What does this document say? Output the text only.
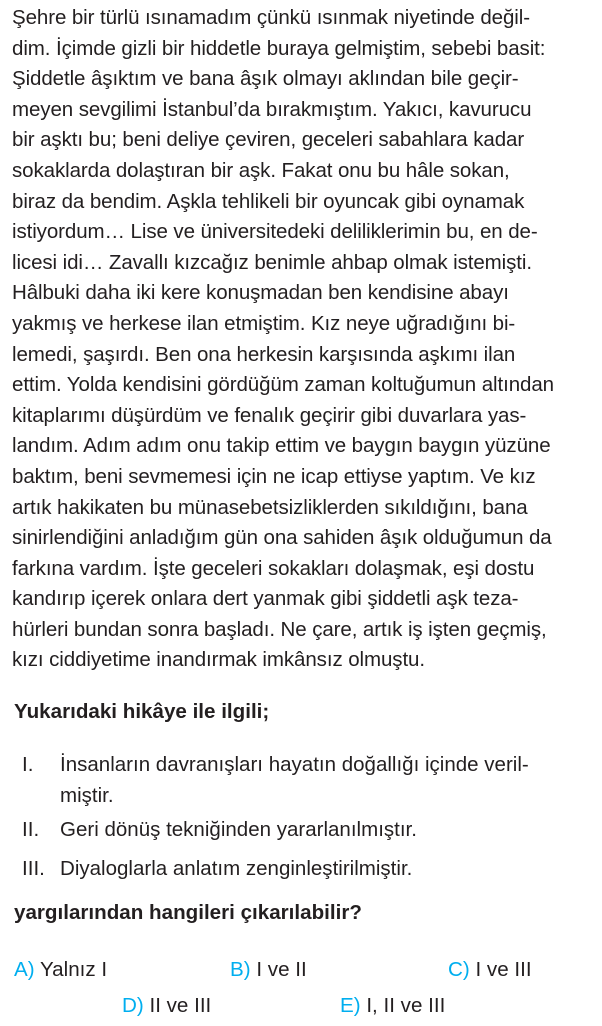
Şehre bir türlü ısınamadım çünkü ısınmak niyetinde değil-
dim. İçimde gizli bir hiddetle buraya gelmiştim, sebebi basit:
Şiddetle âşıktım ve bana âşık olmayı aklından bile geçir-
meyen sevgilimi İstanbul’da bırakmıştım. Yakıcı, kavurucu
bir aşktı bu; beni deliye çeviren, geceleri sabahlara kadar
sokaklarda dolaştıran bir aşk. Fakat onu bu hâle sokan,
biraz da bendim. Aşkla tehlikeli bir oyuncak gibi oynamak
istiyordum… Lise ve üniversitedeki deliliklerimin bu, en de-
licesi idi… Zavallı kızcağız benimle ahbap olmak istemişti.
Hâlbuki daha iki kere konuşmadan ben kendisine abayı
yakmış ve herkese ilan etmiştim. Kız neye uğradığını bi-
lemedi, şaşırdı. Ben ona herkesin karşısında aşkımı ilan
ettim. Yolda kendisini gördüğüm zaman koltuğumun altından
kitaplarımı düşürdüm ve fenalık geçirir gibi duvarlara yas-
landım. Adım adım onu takip ettim ve baygın baygın yüzüne
baktım, beni sevmemesi için ne icap ettiyse yaptım. Ve kız
artık hakikaten bu münasebetsizliklerden sıkıldığını, bana
sinirlendiğini anladığım gün ona sahiden âşık olduğumun da
farkına vardım. İşte geceleri sokakları dolaşmak, eşi dostu
kandırıp içerek onlara dert yanmak gibi şiddetli aşk teza-
hürleri bundan sonra başladı. Ne çare, artık iş işten geçmiş,
kızı ciddiyetime inandırmak imkânsız olmuştu.
Yukarıdaki hikâye ile ilgili;
I. İnsanların davranışları hayatın doğallığı içinde veril-
miştir.
II. Geri dönüş tekniğinden yararlanılmıştır.
III. Diyaloglarla anlatım zenginleştirilmiştir.
yargılarından hangileri çıkarılabilir?
A) Yalnız I	B) I ve II	C) I ve III
D) II ve III	E) I, II ve III
